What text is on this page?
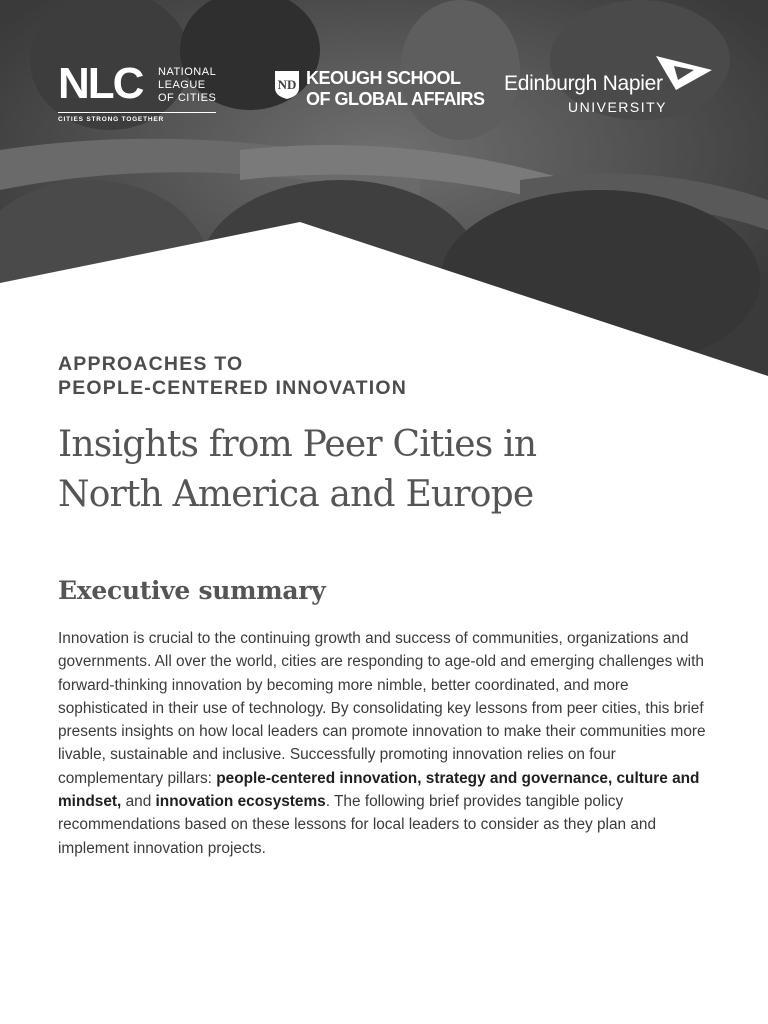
NLC NATIONAL
LEAGUE
OF CITIES
CITIES STRONG TOGETHER
ND KEOUGH SCHOOL
OF GLOBAL AFFAIRS
Edinburgh Napier
UNIVERSITY
APPROACHES TO
PEOPLE-CENTERED INNOVATION
Insights from Peer Cities in
North America and Europe
Executive summary

Innovation is crucial to the continuing growth and success of communities, organizations and governments. All over the world, cities are responding to age-old and emerging challenges with forward-thinking innovation by becoming more nimble, better coordinated, and more sophisticated in their use of technology. By consolidating key lessons from peer cities, this brief presents insights on how local leaders can promote innovation to make their communities more livable, sustainable and inclusive. Successfully promoting innovation relies on four complementary pillars: people-centered innovation, strategy and governance, culture and mindset, and innovation ecosystems. The following brief provides tangible policy recommendations based on these lessons for local leaders to consider as they plan and implement innovation projects.
